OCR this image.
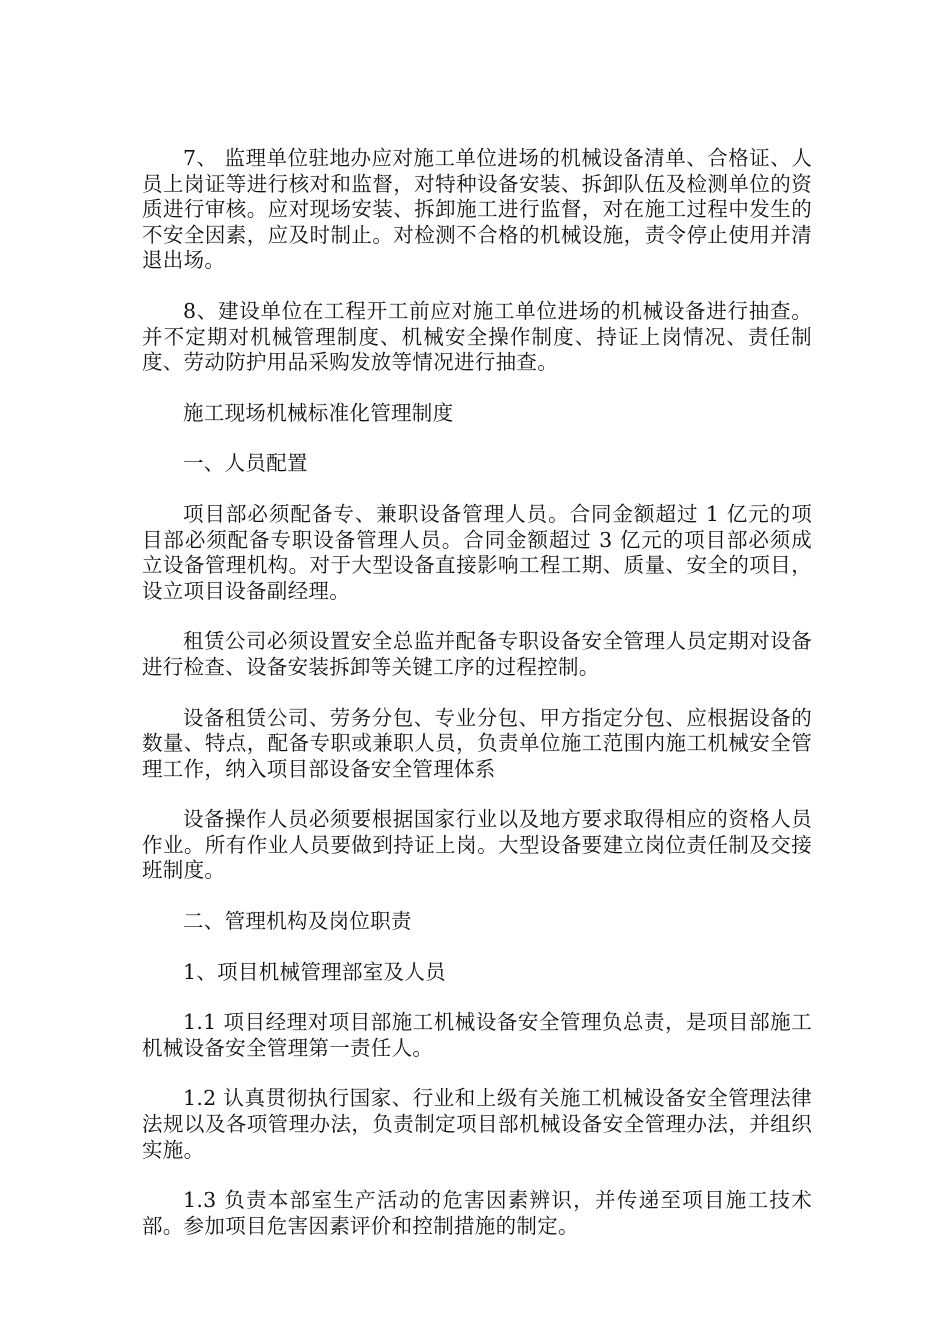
7、 监理单位驻地办应对施工单位进场的机械设备清单、合格证、人员上岗证等进行核对和监督，对特种设备安装、拆卸队伍及检测单位的资质进行审核。应对现场安装、拆卸施工进行监督，对在施工过程中发生的不安全因素，应及时制止。对检测不合格的机械设施，责令停止使用并清退出场。

8、建设单位在工程开工前应对施工单位进场的机械设备进行抽查。并不定期对机械管理制度、机械安全操作制度、持证上岗情况、责任制度、劳动防护用品采购发放等情况进行抽查。

施工现场机械标准化管理制度

一、人员配置

项目部必须配备专、兼职设备管理人员。合同金额超过 1 亿元的项目部必须配备专职设备管理人员。合同金额超过 3 亿元的项目部必须成立设备管理机构。对于大型设备直接影响工程工期、质量、安全的项目，设立项目设备副经理。

租赁公司必须设置安全总监并配备专职设备安全管理人员定期对设备进行检查、设备安装拆卸等关键工序的过程控制。

设备租赁公司、劳务分包、专业分包、甲方指定分包、应根据设备的数量、特点，配备专职或兼职人员，负责单位施工范围内施工机械安全管理工作，纳入项目部设备安全管理体系

设备操作人员必须要根据国家行业以及地方要求取得相应的资格人员作业。所有作业人员要做到持证上岗。大型设备要建立岗位责任制及交接班制度。

二、管理机构及岗位职责

1、项目机械管理部室及人员

1.1 项目经理对项目部施工机械设备安全管理负总责，是项目部施工机械设备安全管理第一责任人。

1.2 认真贯彻执行国家、行业和上级有关施工机械设备安全管理法律法规以及各项管理办法，负责制定项目部机械设备安全管理办法，并组织实施。

1.3 负责本部室生产活动的危害因素辨识，并传递至项目施工技术部。参加项目危害因素评价和控制措施的制定。
